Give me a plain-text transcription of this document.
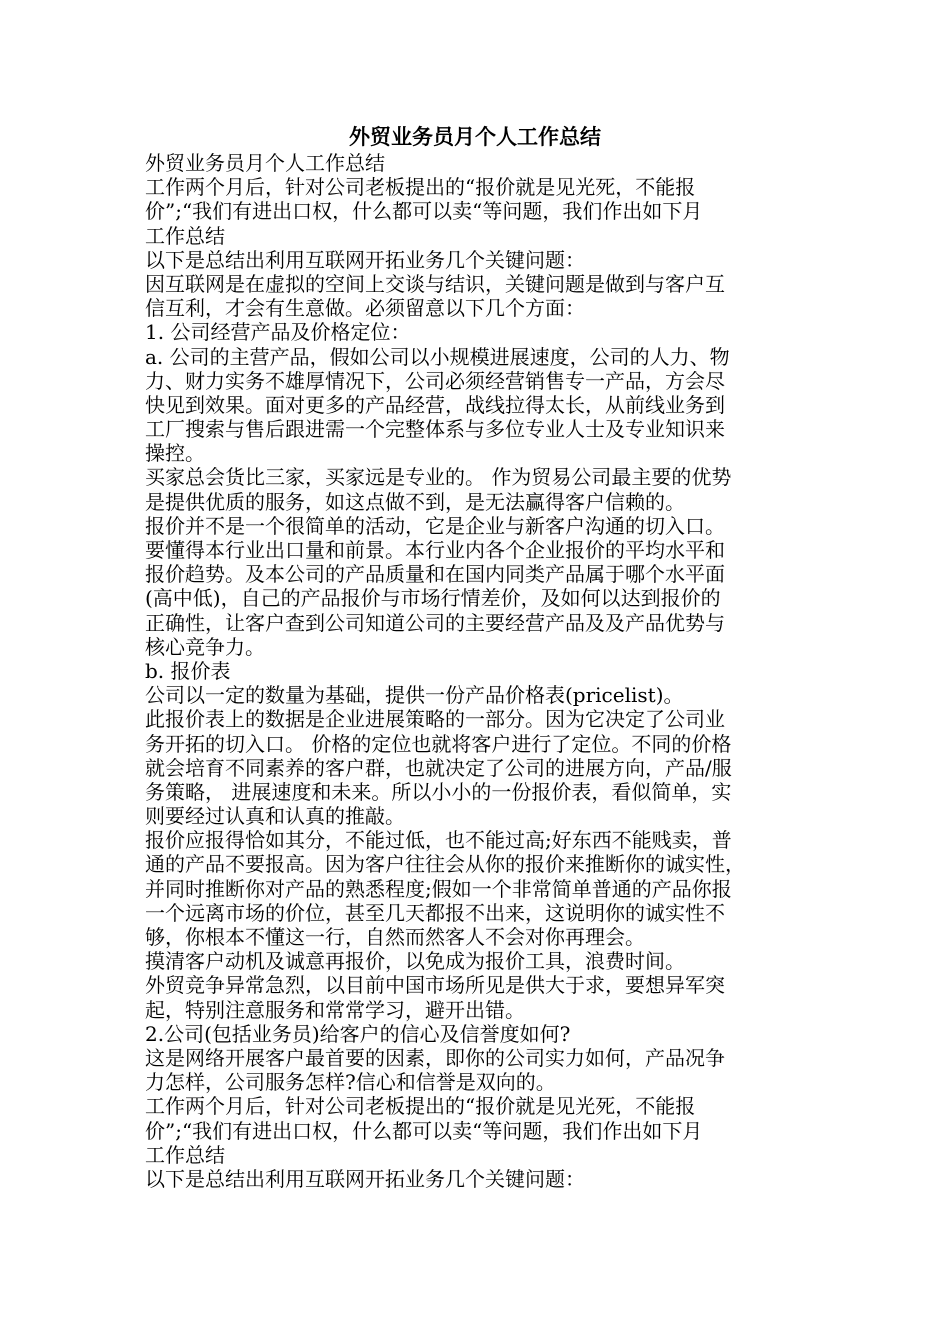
外贸业务员月个人工作总结
外贸业务员月个人工作总结
工作两个月后，针对公司老板提出的“报价就是见光死，不能报
价”;“我们有进出口权，什么都可以卖“等问题，我们作出如下月
工作总结
以下是总结出利用互联网开拓业务几个关键问题：
因互联网是在虚拟的空间上交谈与结识，关键问题是做到与客户互
信互利，才会有生意做。必须留意以下几个方面：
1. 公司经营产品及价格定位：
a. 公司的主营产品，假如公司以小规模进展速度，公司的人力、物
力、财力实务不雄厚情况下，公司必须经营销售专一产品，方会尽
快见到效果。面对更多的产品经营，战线拉得太长，从前线业务到
工厂搜索与售后跟进需一个完整体系与多位专业人士及专业知识来
操控。
买家总会货比三家，买家远是专业的。 作为贸易公司最主要的优势
是提供优质的服务，如这点做不到，是无法赢得客户信赖的。
报价并不是一个很简单的活动，它是企业与新客户沟通的切入口。
要懂得本行业出口量和前景。本行业内各个企业报价的平均水平和
报价趋势。及本公司的产品质量和在国内同类产品属于哪个水平面
(高中低)，自己的产品报价与市场行情差价，及如何以达到报价的
正确性，让客户查到公司知道公司的主要经营产品及及产品优势与
核心竞争力。
b. 报价表
公司以一定的数量为基础，提供一份产品价格表(pricelist)。
此报价表上的数据是企业进展策略的一部分。因为它决定了公司业
务开拓的切入口。 价格的定位也就将客户进行了定位。不同的价格
就会培育不同素养的客户群，也就决定了公司的进展方向，产品/服
务策略， 进展速度和未来。所以小小的一份报价表，看似简单，实
则要经过认真和认真的推敲。
报价应报得恰如其分，不能过低，也不能过高;好东西不能贱卖，普
通的产品不要报高。因为客户往往会从你的报价来推断你的诚实性，
并同时推断你对产品的熟悉程度;假如一个非常简单普通的产品你报
一个远离市场的价位，甚至几天都报不出来，这说明你的诚实性不
够，你根本不懂这一行，自然而然客人不会对你再理会。
摸清客户动机及诚意再报价，以免成为报价工具，浪费时间。
外贸竞争异常急烈，以目前中国市场所见是供大于求，要想异军突
起，特别注意服务和常常学习，避开出错。
2.公司(包括业务员)给客户的信心及信誉度如何?
这是网络开展客户最首要的因素，即你的公司实力如何，产品况争
力怎样，公司服务怎样?信心和信誉是双向的。
工作两个月后，针对公司老板提出的“报价就是见光死，不能报
价”;“我们有进出口权，什么都可以卖“等问题，我们作出如下月
工作总结
以下是总结出利用互联网开拓业务几个关键问题：
